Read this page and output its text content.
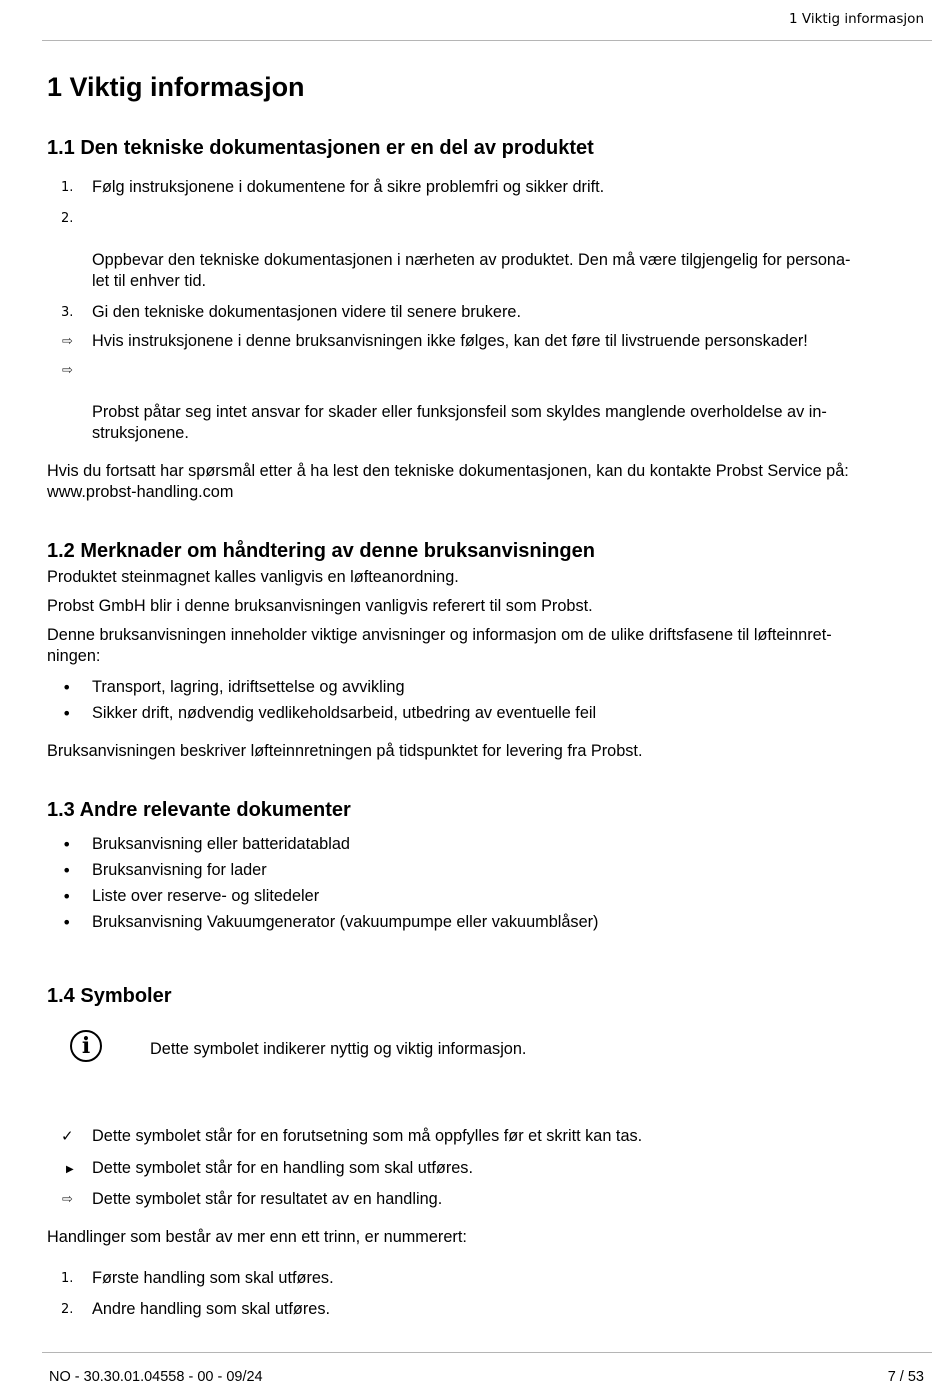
1 Viktig informasjon
1 Viktig informasjon
1.1 Den tekniske dokumentasjonen er en del av produktet
1.	Følg instruksjonene i dokumentene for å sikre problemfri og sikker drift.

2.

Oppbevar den tekniske dokumentasjonen i nærheten av produktet. Den må være tilgjengelig for persona-
let til enhver tid.

3.	Gi den tekniske dokumentasjonen videre til senere brukere.
⇨	Hvis instruksjonene i denne bruksanvisningen ikke følges, kan det føre til livstruende personskader!

⇨

Probst påtar seg intet ansvar for skader eller funksjonsfeil som skyldes manglende overholdelse av in-
struksjonene.

Hvis du fortsatt har spørsmål etter å ha lest den tekniske dokumentasjonen, kan du kontakte Probst Service på:
www.probst-handling.com

1.2 Merknader om håndtering av denne bruksanvisningen

Produktet steinmagnet kalles vanligvis en løfteanordning.

Probst GmbH blir i denne bruksanvisningen vanligvis referert til som Probst.

Denne bruksanvisningen inneholder viktige anvisninger og informasjon om de ulike driftsfasene til løfteinnret-
ningen:

•	Transport, lagring, idriftsettelse og avvikling
•	Sikker drift, nødvendig vedlikeholdsarbeid, utbedring av eventuelle feil

Bruksanvisningen beskriver løfteinnretningen på tidspunktet for levering fra Probst.

1.3 Andre relevante dokumenter
•	Bruksanvisning eller batteridatablad
•	Bruksanvisning for lader
•	Liste over reserve- og slitedeler
•	Bruksanvisning Vakuumgenerator (vakuumpumpe eller vakuumblåser)
1.4 Symboler
i	Dette symbolet indikerer nyttig og viktig informasjon.
✓	Dette symbolet står for en forutsetning som må oppfylles før et skritt kan tas.
▶	Dette symbolet står for en handling som skal utføres.
⇨	Dette symbolet står for resultatet av en handling.

Handlinger som består av mer enn ett trinn, er nummerert:

1.	Første handling som skal utføres.
2.	Andre handling som skal utføres.
NO - 30.30.01.04558 - 00 - 09/24	7 / 53
